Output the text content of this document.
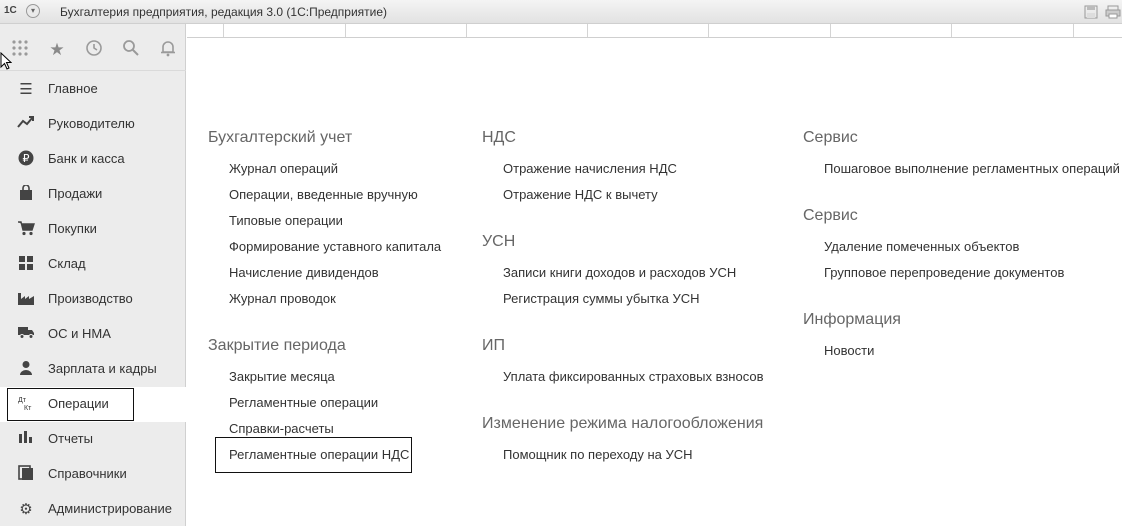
1С	▾	Бухгалтерия предприятия, редакция 3.0 (1С:Предприятие)
★
☰ Главное
Руководителю
₽ Банк и касса
Продажи
Покупки
Склад
Производство
ОС и НМА
Зарплата и кадры
Дт
Кт	Операции
Отчеты
Справочники
⚙ Администрирование
Бухгалтерский учет
Журнал операций
Операции, введенные вручную
Типовые операции
Формирование уставного капитала
Начисление дивидендов
Журнал проводок
Закрытие периода
Закрытие месяца
Регламентные операции
Справки-расчеты
Регламентные операции НДС
НДС
Отражение начисления НДС
Отражение НДС к вычету
УСН
Записи книги доходов и расходов УСН
Регистрация суммы убытка УСН
ИП
Уплата фиксированных страховых взносов
Изменение режима налогообложения
Помощник по переходу на УСН
Сервис
Пошаговое выполнение регламентных операций
Сервис
Удаление помеченных объектов
Групповое перепроведение документов
Информация
Новости
